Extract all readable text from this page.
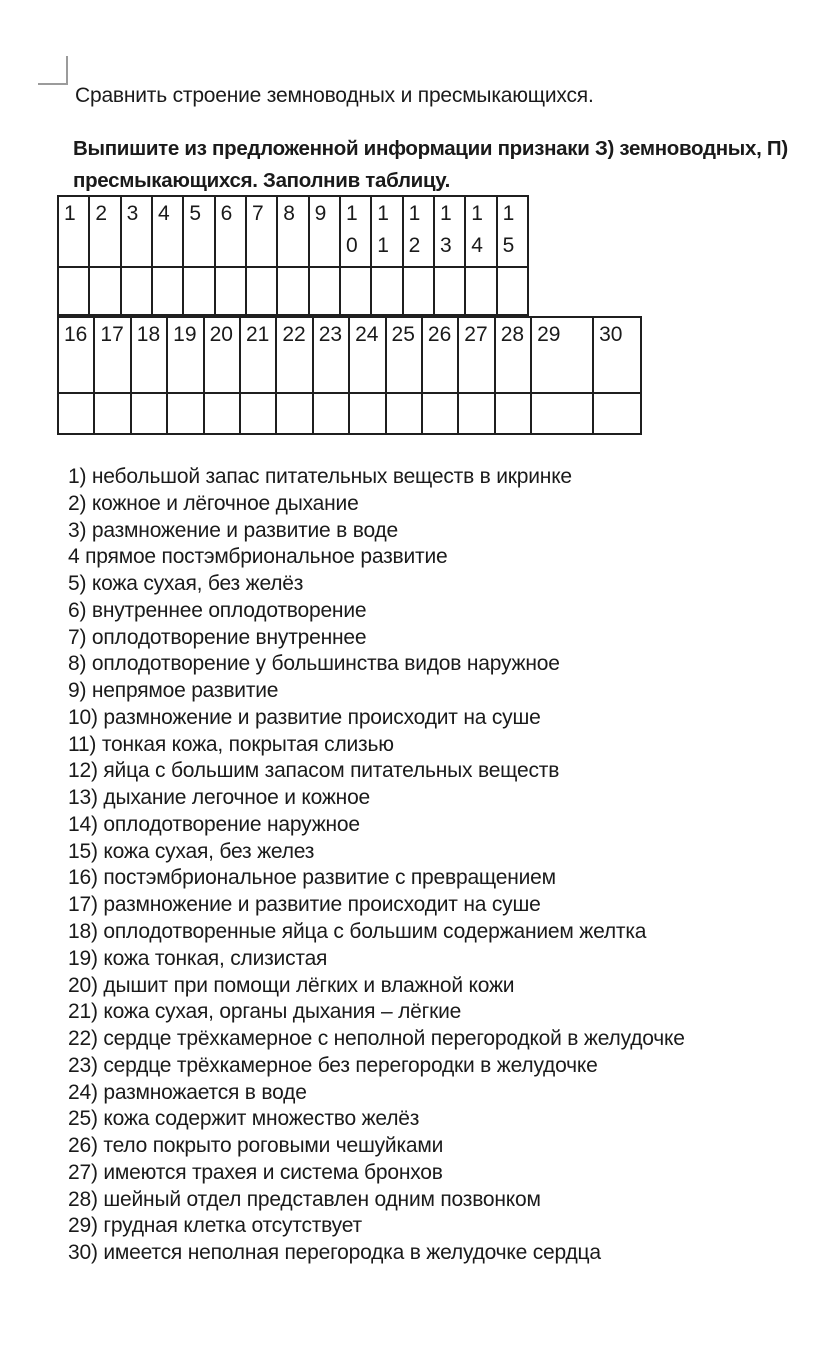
Сравнить строение земноводных и пресмыкающихся.
Выпишите из предложенной информации признаки З) земноводных, П)
пресмыкающихся. Заполнив таблицу.
1	2	3	4	5	6	7	8	9	10	11	12	13	14	15

16	17	18	19	20	21	22	23	24	25	26	27	28	29	30

1) небольшой запас питательных веществ в икринке
2) кожное и лёгочное дыхание
3) размножение и развитие в воде
4 прямое постэмбриональное развитие
5) кожа сухая, без желёз
6) внутреннее оплодотворение
7) оплодотворение внутреннее
8) оплодотворение у большинства видов наружное
9) непрямое развитие
10) размножение и развитие происходит на суше
11) тонкая кожа, покрытая слизью
12) яйца с большим запасом питательных веществ
13) дыхание легочное и кожное
14) оплодотворение наружное
15) кожа сухая, без желез
16) постэмбриональное развитие с превращением
17) размножение и развитие происходит на суше
18) оплодотворенные яйца с большим содержанием желтка
19) кожа тонкая, слизистая
20) дышит при помощи лёгких и влажной кожи
21) кожа сухая, органы дыхания – лёгкие
22) сердце трёхкамерное с неполной перегородкой в желудочке
23) сердце трёхкамерное без перегородки в желудочке
24) размножается в воде
25) кожа содержит множество желёз
26) тело покрыто роговыми чешуйками
27) имеются трахея и система бронхов
28) шейный отдел представлен одним позвонком
29) грудная клетка отсутствует
30) имеется неполная перегородка в желудочке сердца
